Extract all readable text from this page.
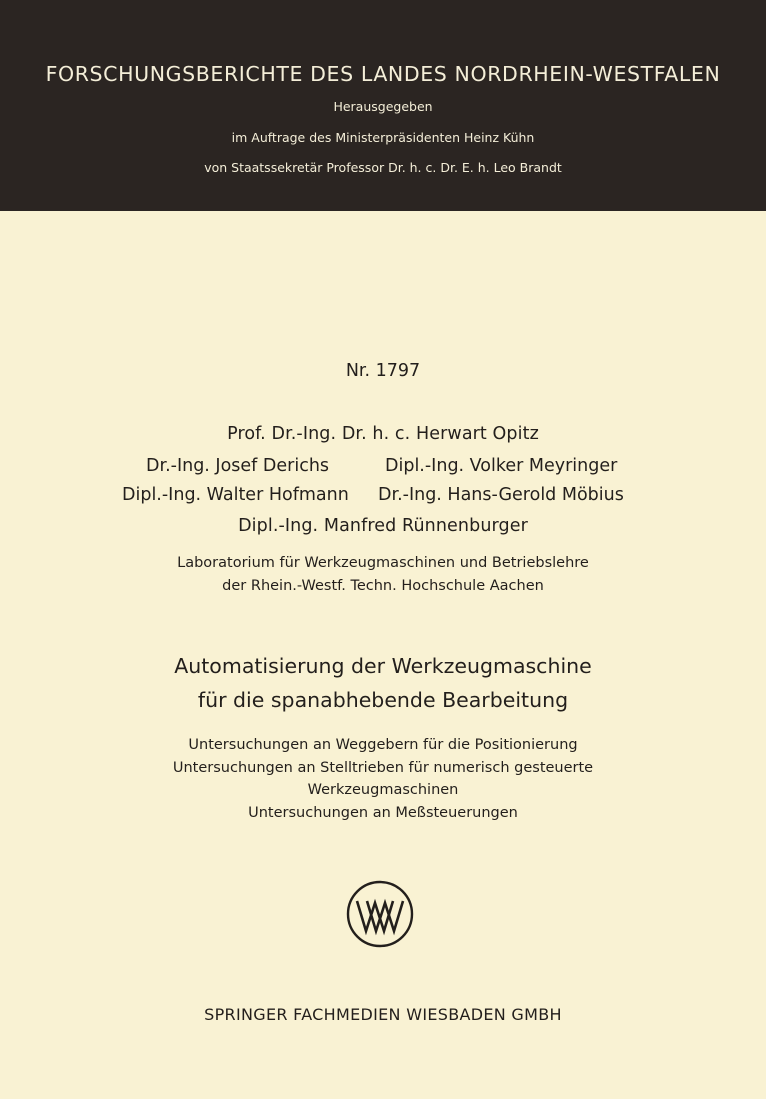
FORSCHUNGSBERICHTE DES LANDES NORDRHEIN-WESTFALEN
Herausgegeben
im Auftrage des Ministerpräsidenten Heinz Kühn
von Staatssekretär Professor Dr. h. c. Dr. E. h. Leo Brandt
Nr. 1797
Prof. Dr.-Ing. Dr. h. c. Herwart Opitz
Dr.-Ing. Josef Derichs	Dipl.-Ing. Volker Meyringer
Dipl.-Ing. Walter Hofmann Dr.-Ing. Hans-Gerold Möbius
Dipl.-Ing. Manfred Rünnenburger
Laboratorium für Werkzeugmaschinen und Betriebslehre
der Rhein.-Westf. Techn. Hochschule Aachen
Automatisierung der Werkzeugmaschine
für die spanabhebende Bearbeitung
Untersuchungen an Weggebern für die Positionierung
Untersuchungen an Stelltrieben für numerisch gesteuerte
Werkzeugmaschinen
Untersuchungen an Meßsteuerungen
SPRINGER FACHMEDIEN WIESBADEN GMBH
